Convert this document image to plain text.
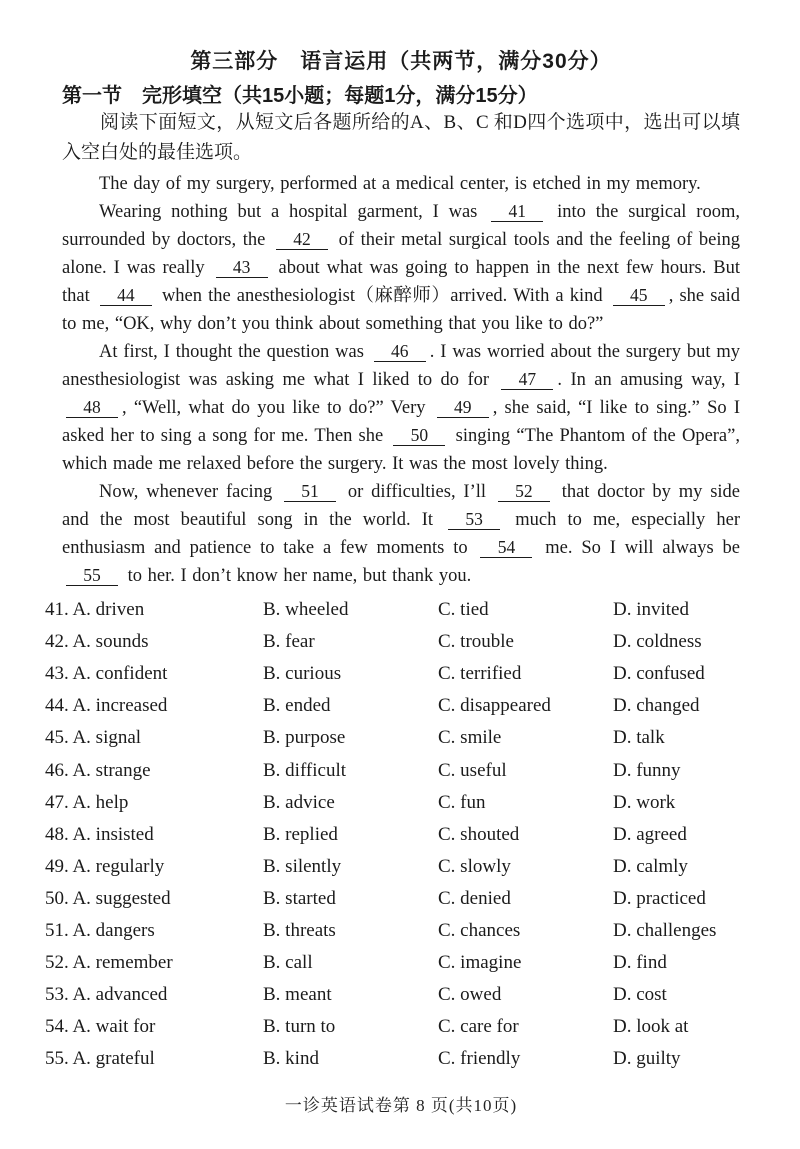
第三部分　语言运用（共两节，满分30分）
第一节　完形填空（共15小题；每题1分，满分15分）

阅读下面短文，从短文后各题所给的A、B、C 和D四个选项中，选出可以填入空白处的最佳选项。

The day of my surgery, performed at a medical center, is etched in my memory.

Wearing nothing but a hospital garment, I was 41 into the surgical room, surrounded by doctors, the 42 of their metal surgical tools and the feeling of being alone. I was really 43 about what was going to happen in the next few hours. But that 44 when the anesthesiologist（麻醉师）arrived. With a kind 45 , she said to me, “OK, why don’t you think about something that you like to do?”

At first, I thought the question was 46 . I was worried about the surgery but my anesthesiologist was asking me what I liked to do for 47 . In an amusing way, I 48 , “Well, what do you like to do?” Very 49 , she said, “I like to sing.” So I asked her to sing a song for me. Then she 50 singing “The Phantom of the Opera”, which made me relaxed before the surgery. It was the most lovely thing.

Now, whenever facing 51 or difficulties, I’ll 52 that doctor by my side and the most beautiful song in the world. It 53 much to me, especially her enthusiasm and patience to take a few moments to 54 me. So I will always be 55 to her. I don’t know her name, but thank you.

41. A. driven	B. wheeled	C. tied	D. invited
42. A. sounds	B. fear	C. trouble	D. coldness
43. A. confident	B. curious	C. terrified	D. confused
44. A. increased	B. ended	C. disappeared	D. changed
45. A. signal	B. purpose	C. smile	D. talk
46. A. strange	B. difficult	C. useful	D. funny
47. A. help	B. advice	C. fun	D. work
48. A. insisted	B. replied	C. shouted	D. agreed
49. A. regularly	B. silently	C. slowly	D. calmly
50. A. suggested	B. started	C. denied	D. practiced
51. A. dangers	B. threats	C. chances	D. challenges
52. A. remember	B. call	C. imagine	D. find
53. A. advanced	B. meant	C. owed	D. cost
54. A. wait for	B. turn to	C. care for	D. look at
55. A. grateful	B. kind	C. friendly	D. guilty
一诊英语试卷第 8 页(共10页)
